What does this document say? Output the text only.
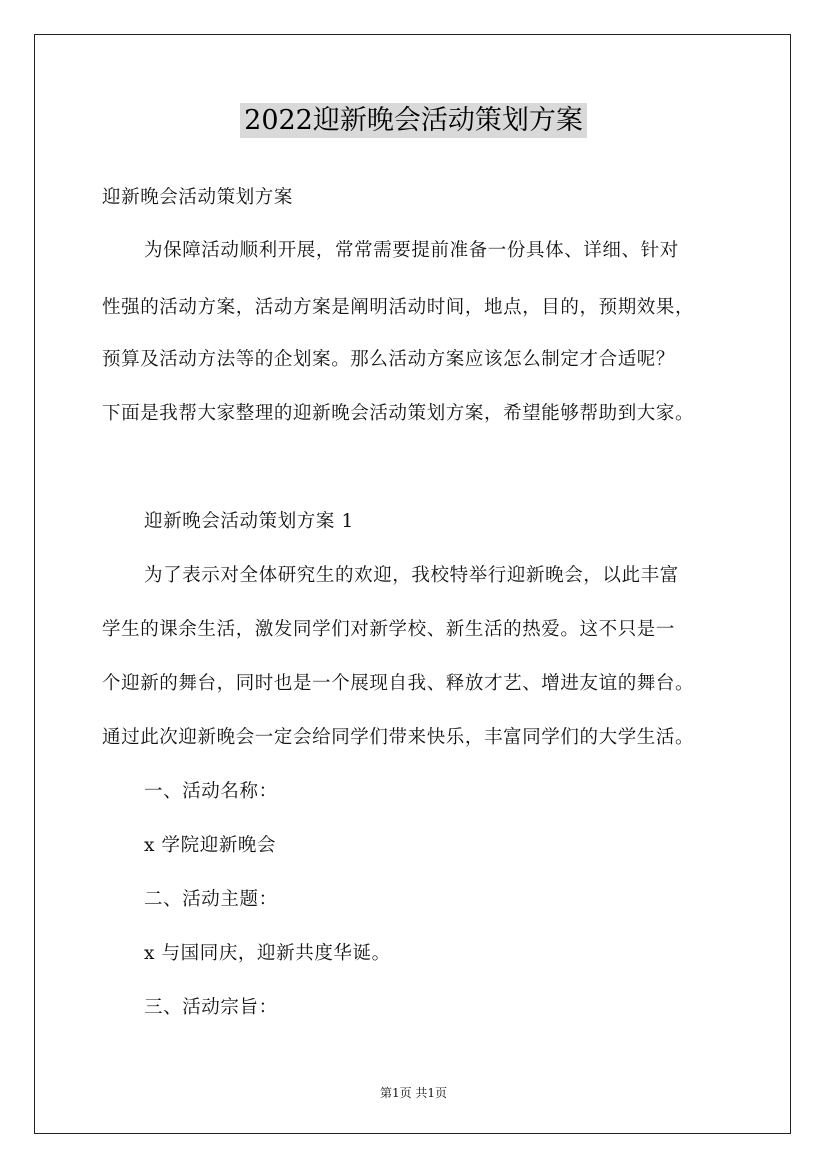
2022迎新晚会活动策划方案
迎新晚会活动策划方案
为保障活动顺利开展，常常需要提前准备一份具体、详细、针对
性强的活动方案，活动方案是阐明活动时间，地点，目的，预期效果，
预算及活动方法等的企划案。那么活动方案应该怎么制定才合适呢？
下面是我帮大家整理的迎新晚会活动策划方案，希望能够帮助到大家。
迎新晚会活动策划方案 1
为了表示对全体研究生的欢迎，我校特举行迎新晚会，以此丰富
学生的课余生活，激发同学们对新学校、新生活的热爱。这不只是一
个迎新的舞台，同时也是一个展现自我、释放才艺、增进友谊的舞台。
通过此次迎新晚会一定会给同学们带来快乐，丰富同学们的大学生活。
一、活动名称：
x 学院迎新晚会
二、活动主题：
x 与国同庆，迎新共度华诞。
三、活动宗旨：
第1页 共1页
